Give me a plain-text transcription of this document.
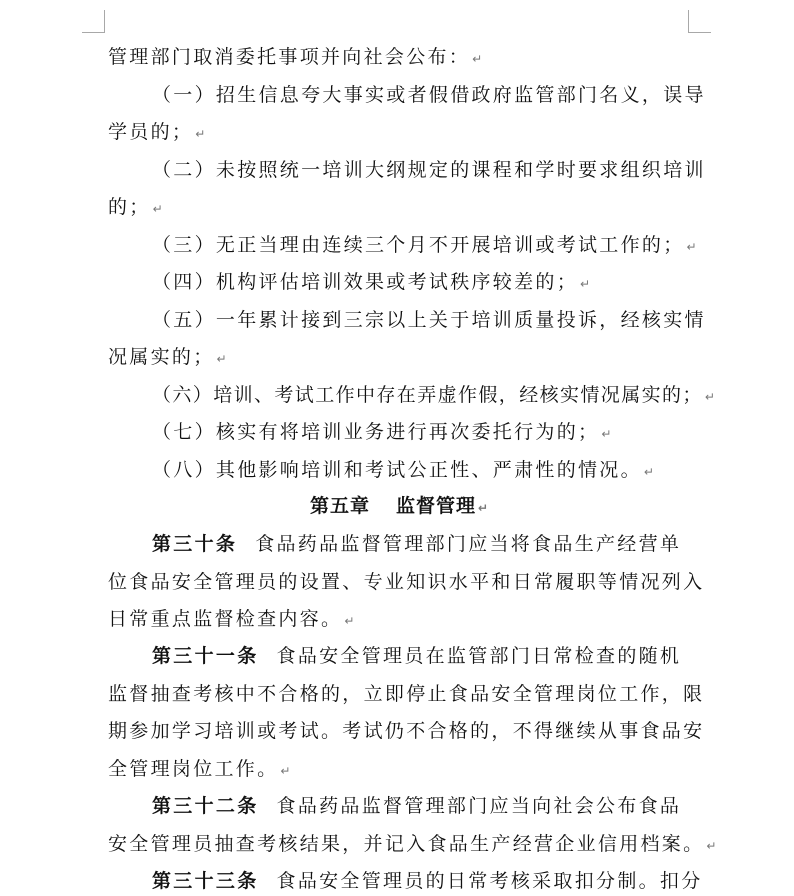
管理部门取消委托事项并向社会公布： ↵
（一）招生信息夸大事实或者假借政府监管部门名义，误导
学员的； ↵
（二）未按照统一培训大纲规定的课程和学时要求组织培训
的； ↵
（三）无正当理由连续三个月不开展培训或考试工作的； ↵
（四）机构评估培训效果或考试秩序较差的； ↵
（五）一年累计接到三宗以上关于培训质量投诉，经核实情
况属实的； ↵
（六）培训、考试工作中存在弄虚作假，经核实情况属实的； ↵
（七）核实有将培训业务进行再次委托行为的； ↵
（八）其他影响培训和考试公正性、严肃性的情况。 ↵
第五章 监督管理 ↵
第三十条 食品药品监督管理部门应当将食品生产经营单
位食品安全管理员的设置、专业知识水平和日常履职等情况列入
日常重点监督检查内容。 ↵
第三十一条 食品安全管理员在监管部门日常检查的随机
监督抽查考核中不合格的，立即停止食品安全管理岗位工作，限
期参加学习培训或考试。考试仍不合格的，不得继续从事食品安
全管理岗位工作。 ↵
第三十二条 食品药品监督管理部门应当向社会公布食品
安全管理员抽查考核结果，并记入食品生产经营企业信用档案。 ↵
第三十三条 食品安全管理员的日常考核采取扣分制。扣分
